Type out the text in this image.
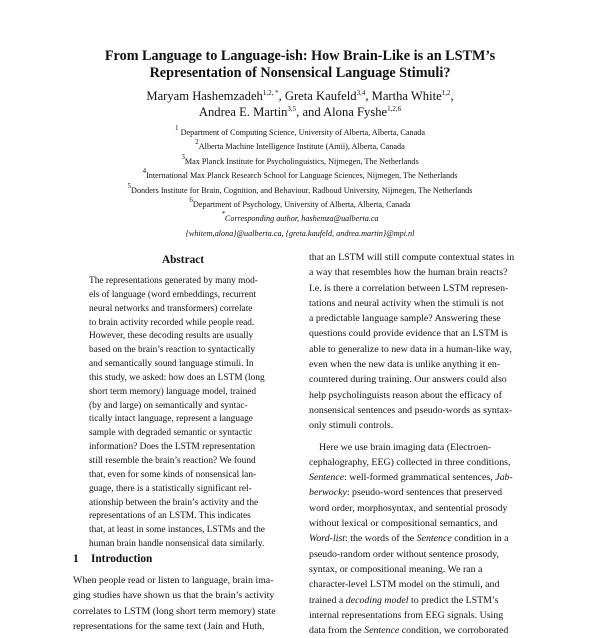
From Language to Language-ish: How Brain-Like is an LSTM’s
Representation of Nonsensical Language Stimuli?
Maryam Hashemzadeh$^{1,2, *}$, Greta Kaufeld$^{3,4}$, Martha White$^{1,2}$,
Andrea E. Martin$^{3,5}$, and Alona Fyshe$^{1,2,6}$
$^1$ Department of Computing Science, University of Alberta, Alberta, Canada
$^2$Alberta Machine Intelligence Institute (Amii), Alberta, Canada
$^3$Max Planck Institute for Psycholinguistics, Nijmegen, The Netherlands
$^4$International Max Planck Research School for Language Sciences, Nijmegen, The Netherlands
$^5$Donders Institute for Brain, Cognition, and Behaviour, Radboud University, Nijmegen, The Netherlands
$^6$Department of Psychology, University of Alberta, Alberta, Canada
*Corresponding author, hashemza@ualberta.ca
{whitem,alona}@ualberta.ca, {greta.kaufeld, andrea.martin}@mpi.nl
Abstract
The representations generated by many mod-
els of language (word embeddings, recurrent
neural networks and transformers) correlate
to brain activity recorded while people read.
However, these decoding results are usually
based on the brain’s reaction to syntactically
and semantically sound language stimuli. In
this study, we asked: how does an LSTM (long
short term memory) language model, trained
(by and large) on semantically and syntac-
tically intact language, represent a language
sample with degraded semantic or syntactic
information? Does the LSTM representation
still resemble the brain’s reaction? We found
that, even for some kinds of nonsensical lan-
guage, there is a statistically significant rel-
ationship between the brain’s activity and the
representations of an LSTM. This indicates
that, at least in some instances, LSTMs and the
human brain handle nonsensical data similarly.
1 Introduction
When people read or listen to language, brain ima-
ging studies have shown us that the brain’s activity
correlates to LSTM (long short term memory) state
representations for the same text (Jain and Huth,
that an LSTM will still compute contextual states in
a way that resembles how the human brain reacts?
I.e. is there a correlation between LSTM represen-
tations and neural activity when the stimuli is not
a predictable language sample? Answering these
questions could provide evidence that an LSTM is
able to generalize to new data in a human-like way,
even when the new data is unlike anything it en-
countered during training. Our answers could also
help psycholinguists reason about the efficacy of
nonsensical sentences and pseudo-words as syntax-
only stimuli controls.
Here we use brain imaging data (Electroen-
cephalography, EEG) collected in three conditions,
Sentence: well-formed grammatical sentences, Jab-
berwocky: pseudo-word sentences that preserved
word order, morphosyntax, and sentential prosody
without lexical or compositional semantics, and
Word-list: the words of the Sentence condition in a
pseudo-random order without sentence prosody,
syntax, or compositional meaning. We ran a
character-level LSTM model on the stimuli, and
trained a decoding model to predict the LSTM’s
internal representations from EEG signals. Using
data from the Sentence condition, we corroborated
